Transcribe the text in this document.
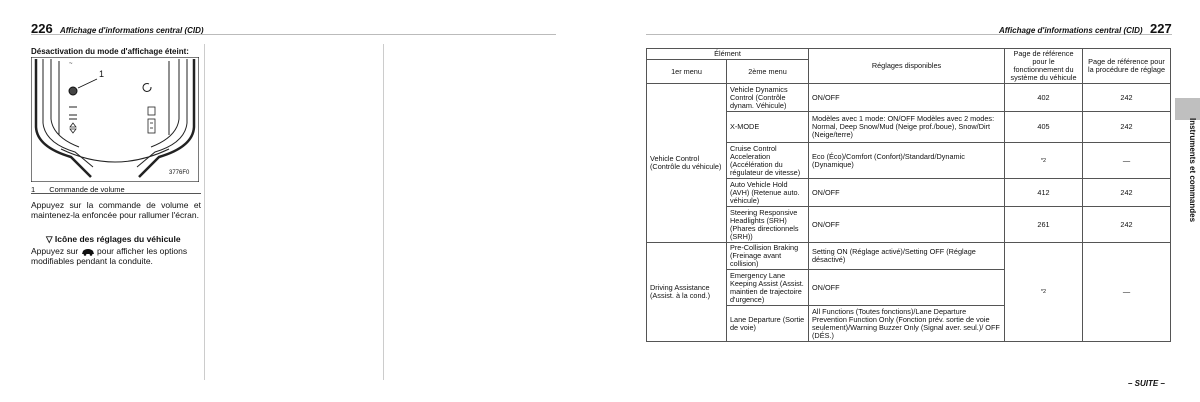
226 Affichage d'informations central (CID)
Désactivation du mode d'affichage éteint:
~
1
3776F0
1 Commande de volume
Appuyez sur la commande de volume et maintenez-la enfoncée pour rallumer l'écran.
▽ Icône des réglages du véhicule
Appuyez sur pour afficher les options modifiables pendant la conduite.
Affichage d'informations central (CID) 227
Élément		Réglages disponibles	Page de référence pour le fonctionnement du système du véhicule	Page de référence pour la procédure de réglage
1er menu	2ème menu			
Vehicle Control (Contrôle du véhicule)	Vehicle Dynamics Control (Contrôle dynam. Véhicule)	ON/OFF	402	242
	X-MODE	Modèles avec 1 mode: ON/OFF Modèles avec 2 modes: Normal, Deep Snow/Mud (Neige prof./boue), Snow/Dirt (Neige/terre)	405	242
	Cruise Control Acceleration (Accélération du régulateur de vitesse)	Eco (Éco)/Comfort (Confort)/Standard/Dynamic (Dynamique)	*2	—
	Auto Vehicle Hold (AVH) (Retenue auto. véhicule)	ON/OFF	412	242
	Steering Responsive Headlights (SRH) (Phares directionnels (SRH))	ON/OFF	261	242
Driving Assistance (Assist. à la cond.)	Pre-Collision Braking (Freinage avant collision)	Setting ON (Réglage activé)/Setting OFF (Réglage désactivé)	*2	—
	Emergency Lane Keeping Assist (Assist. maintien de trajectoire d'urgence)	ON/OFF		
	Lane Departure (Sortie de voie)	All Functions (Toutes fonctions)/Lane Departure Prevention Function Only (Fonction prév. sortie de voie seulement)/Warning Buzzer Only (Signal aver. seul.)/ OFF (DÉS.)		
Instruments et commandes
– SUITE –
